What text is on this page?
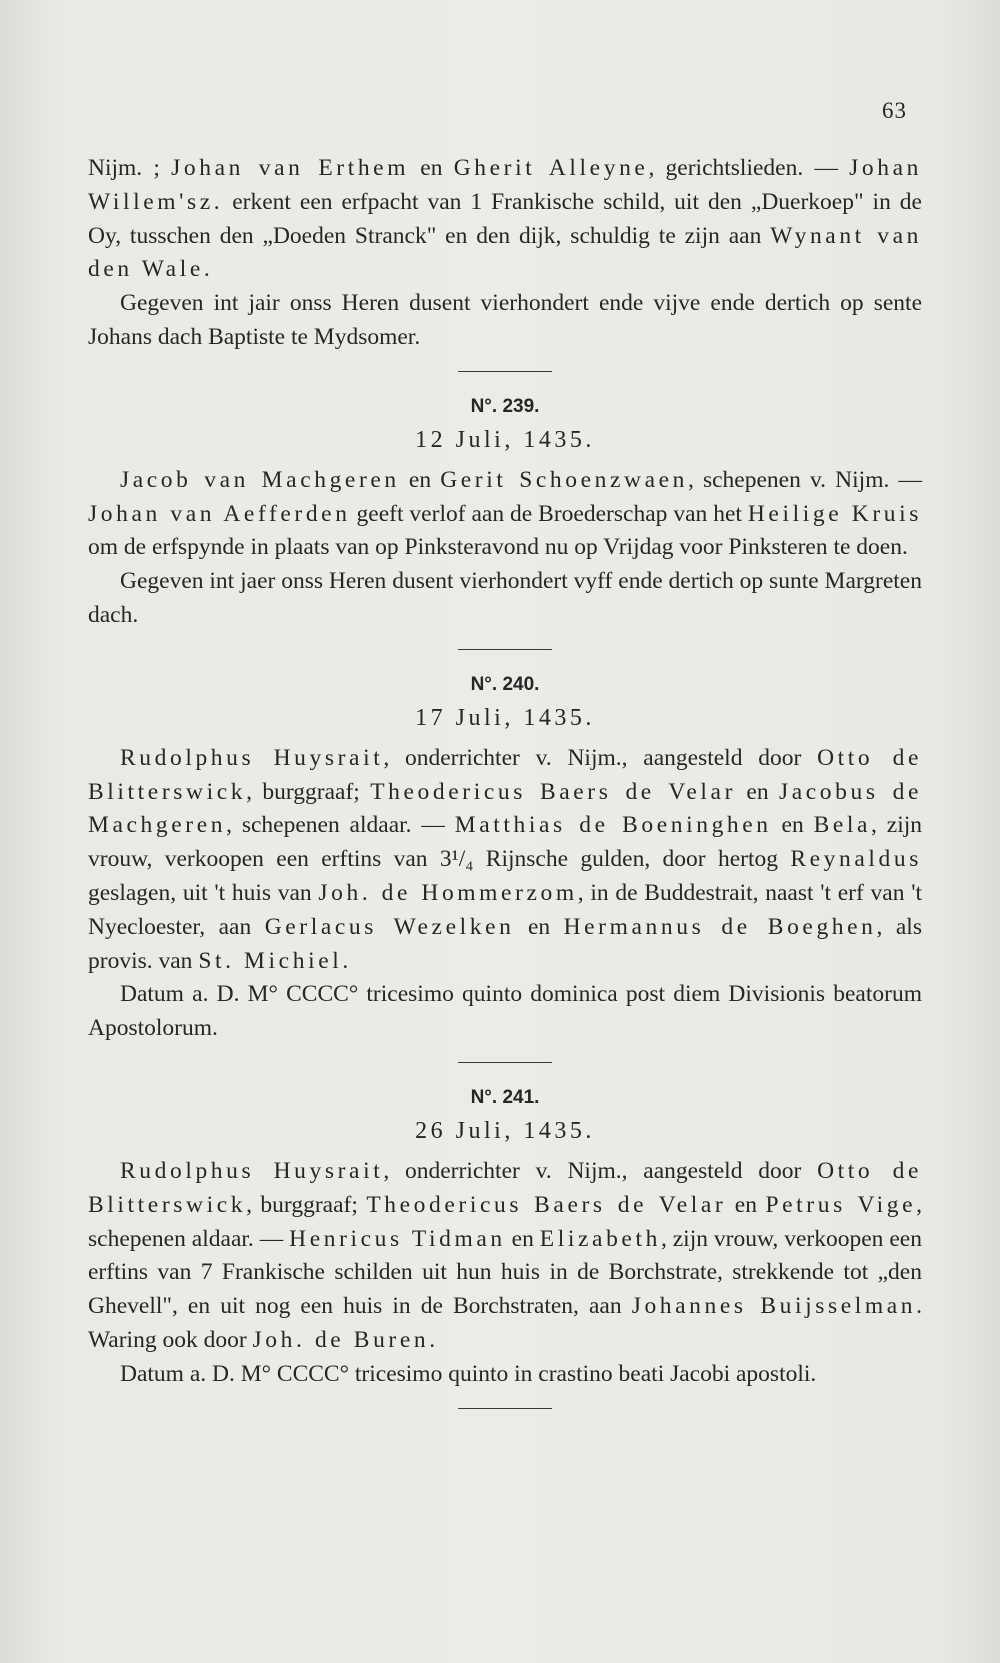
63

Nijm. ; Johan van Erthem en Gherit Alleyne, gerichtslieden. — Johan Willem'sz. erkent een erfpacht van 1 Frankische schild, uit den „Duerkoep" in de Oy, tusschen den „Doeden Stranck" en den dijk, schuldig te zijn aan Wynant van den Wale.

Gegeven int jair onss Heren dusent vierhondert ende vijve ende dertich op sente Johans dach Baptiste te Mydsomer.

N°. 239.

12 Juli, 1435.

Jacob van Machgeren en Gerit Schoenzwaen, schepenen v. Nijm. — Johan van Aefferden geeft verlof aan de Broederschap van het Heilige Kruis om de erfspynde in plaats van op Pinksteravond nu op Vrijdag voor Pinksteren te doen.

Gegeven int jaer onss Heren dusent vierhondert vyff ende dertich op sunte Margreten dach.

N°. 240.

17 Juli, 1435.

Rudolphus Huysrait, onderrichter v. Nijm., aangesteld door Otto de Blitterswick, burggraaf; Theodericus Baers de Velar en Jacobus de Machgeren, schepenen aldaar. — Matthias de Boeninghen en Bela, zijn vrouw, verkoopen een erftins van 3¹/₄ Rijnsche gulden, door hertog Reynaldus geslagen, uit 't huis van Joh. de Hommerzom, in de Buddestrait, naast 't erf van 't Nyecloester, aan Gerlacus Wezelken en Hermannus de Boeghen, als provis. van St. Michiel.

Datum a. D. M° CCCC° tricesimo quinto dominica post diem Divisionis beatorum Apostolorum.

N°. 241.

26 Juli, 1435.

Rudolphus Huysrait, onderrichter v. Nijm., aangesteld door Otto de Blitterswick, burggraaf; Theodericus Baers de Velar en Petrus Vige, schepenen aldaar. — Henricus Tidman en Elizabeth, zijn vrouw, verkoopen een erftins van 7 Frankische schilden uit hun huis in de Borchstrate, strekkende tot „den Ghevell", en uit nog een huis in de Borchstraten, aan Johannes Buijsselman. Waring ook door Joh. de Buren.

Datum a. D. M° CCCC° tricesimo quinto in crastino beati Jacobi apostoli.
